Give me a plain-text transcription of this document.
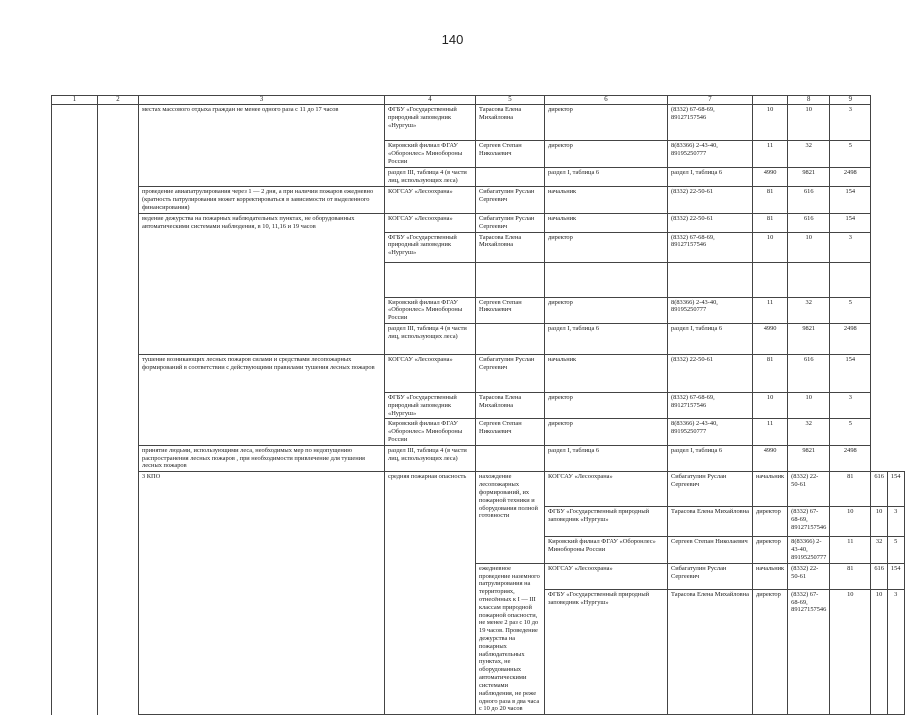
140
1	2	3	4	5	6	7		8	9		
		местах массового отдыха граждан не менее одного раза с 11 до 17 часов	ФГБУ «Государственный природный заповедник «Нургуш»	Тарасова Елена Михайловна	директор	(8332) 67-68-69, 89127157546	10	10	3		
			Кировский филиал ФГАУ «Оборонлес» Минобороны России	Сергеев Степан Николаевич	директор	8(83366) 2-43-40, 89195250777	11	32	5		
			раздел III, таблица 4 (в части лиц, использующих леса)		раздел I, таблица 6	раздел I, таблица 6	4990	9821	2498		
		проведение авиапатрулирования через 1 — 2 дня, а при наличии пожаров ежедневно (кратность патрулирования может корректироваться в зависимости от выделенного финансирования)	КОГСАУ «Лесоохрана»	Сибагатулин Руслан Сергеевич	начальник	(8332) 22-50-61	81	616	154		
		ведение дежурства на пожарных наблюдательных пунктах, не оборудованных автоматическими системами наблюдения, в 10, 11,16 и 19 часов	КОГСАУ «Лесоохрана»	Сибагатулин Руслан Сергеевич	начальник	(8332) 22-50-61	81	616	154		
			ФГБУ «Государственный природный заповедник «Нургуш»	Тарасова Елена Михайловна	директор	(8332) 67-68-69, 89127157546	10	10	3		

			Кировский филиал ФГАУ «Оборонлес» Минобороны России	Сергеев Степан Николаевич	директор	8(83366) 2-43-40, 89195250777	11	32	5		
			раздел III, таблица 4 (в части лиц, использующих леса)		раздел I, таблица 6	раздел I, таблица 6	4990	9821	2498		
		тушение возникающих лесных пожаров силами и средствами лесопожарных формирований в соответствии с действующими правилами тушения лесных пожаров	КОГСАУ «Лесоохрана»	Сибагатулин Руслан Сергеевич	начальник	(8332) 22-50-61	81	616	154		
			ФГБУ «Государственный природный заповедник «Нургуш»	Тарасова Елена Михайловна	директор	(8332) 67-68-69, 89127157546	10	10	3		
			Кировский филиал ФГАУ «Оборонлес» Минобороны России	Сергеев Степан Николаевич	директор	8(83366) 2-43-40, 89195250777	11	32	5		
		принятие людьми, использующими леса, необходимых мер по недопущению распространения лесных пожаров , при необходимости привлечение для тушения лесных пожаров	раздел III, таблица 4 (в части лиц, использующих леса)		раздел I, таблица 6	раздел I, таблица 6	4990	9821	2498		
		3 КПО	средняя пожарная опасность	нахождение лесопожарных формирований, их пожарной техники и оборудования полной готовности	КОГСАУ «Лесоохрана»	Сибагатулин Руслан Сергеевич	начальник	(8332) 22-50-61	81	616	154
					ФГБУ «Государственный природный заповедник «Нургуш»	Тарасова Елена Михайловна	директор	(8332) 67-68-69, 89127157546	10	10	3
					Кировский филиал ФГАУ «Оборонлес» Минобороны России	Сергеев Степан Николаевич	директор	8(83366) 2-43-40, 89195250777	11	32	5
				ежедневное проведение наземного патрулирования на территориях, отнесённых к I — III классам природной пожарной опасности, не менее 2 раз с 10 до 19 часов. Проведение дежурства на пожарных наблюдательных пунктах, не оборудованных автоматическими системами наблюдения, не реже одного раза в два часа с 10 до 20 часов	КОГСАУ «Лесоохрана»	Сибагатулин Руслан Сергеевич	начальник	(8332) 22-50-61	81	616	154
					ФГБУ «Государственный природный заповедник «Нургуш»	Тарасова Елена Михайловна	директор	(8332) 67-68-69, 89127157546	10	10	3
